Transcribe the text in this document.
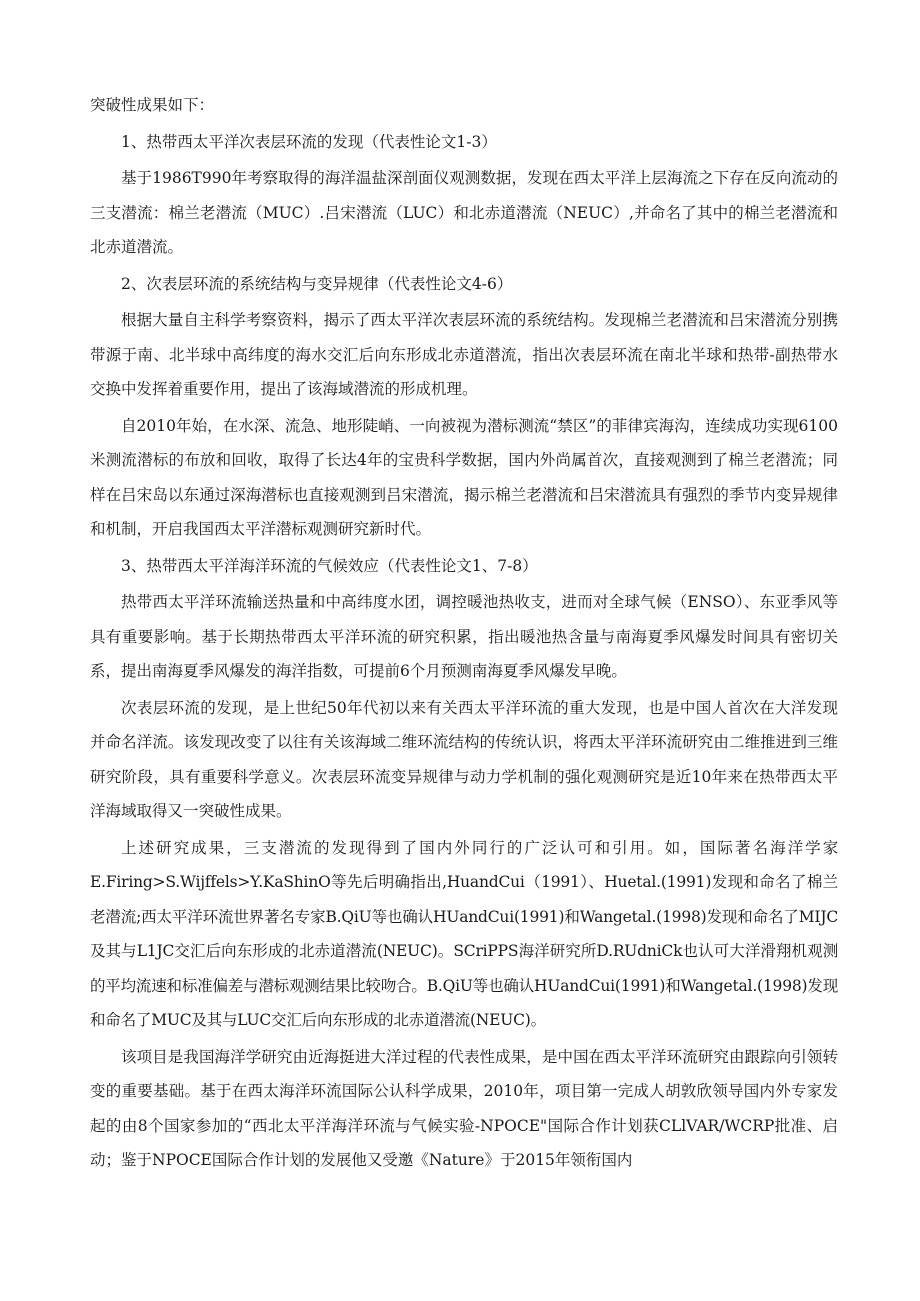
突破性成果如下：

1、热带西太平洋次表层环流的发现（代表性论文1-3）

基于1986T990年考察取得的海洋温盐深剖面仪观测数据，发现在西太平洋上层海流之下存在反向流动的三支潜流：棉兰老潜流（MUC）.吕宋潜流（LUC）和北赤道潜流（NEUC）,并命名了其中的棉兰老潜流和北赤道潜流。

2、次表层环流的系统结构与变异规律（代表性论文4-6）

根据大量自主科学考察资料，揭示了西太平洋次表层环流的系统结构。发现棉兰老潜流和吕宋潜流分别携带源于南、北半球中高纬度的海水交汇后向东形成北赤道潜流，指出次表层环流在南北半球和热带-副热带水交换中发挥着重要作用，提出了该海域潜流的形成机理。

自2010年始，在水深、流急、地形陡峭、一向被视为潜标测流“禁区”的菲律宾海沟，连续成功实现6100米测流潜标的布放和回收，取得了长达4年的宝贵科学数据，国内外尚属首次，直接观测到了棉兰老潜流；同样在吕宋岛以东通过深海潜标也直接观测到吕宋潜流，揭示棉兰老潜流和吕宋潜流具有强烈的季节内变异规律和机制，开启我国西太平洋潜标观测研究新时代。

3、热带西太平洋海洋环流的气候效应（代表性论文1、7-8）

热带西太平洋环流输送热量和中高纬度水团，调控暖池热收支，进而对全球气候（ENSO）、东亚季风等具有重要影响。基于长期热带西太平洋环流的研究积累，指出暖池热含量与南海夏季风爆发时间具有密切关系，提出南海夏季风爆发的海洋指数，可提前6个月预测南海夏季风爆发早晚。

次表层环流的发现，是上世纪50年代初以来有关西太平洋环流的重大发现，也是中国人首次在大洋发现并命名洋流。该发现改变了以往有关该海域二维环流结构的传统认识，将西太平洋环流研究由二维推进到三维研究阶段，具有重要科学意义。次表层环流变异规律与动力学机制的强化观测研究是近10年来在热带西太平洋海域取得又一突破性成果。

上述研究成果，三支潜流的发现得到了国内外同行的广泛认可和引用。如，国际著名海洋学家E.Firing>S.Wijffels>Y.KaShinO等先后明确指出,HuandCui（1991）、Huetal.(1991)发现和命名了棉兰老潜流;西太平洋环流世界著名专家B.QiU等也确认HUandCui(1991)和Wangetal.(1998)发现和命名了MIJC及其与L1JC交汇后向东形成的北赤道潜流(NEUC)。SCriPPS海洋研究所D.RUdniCk也认可大洋滑翔机观测的平均流速和标准偏差与潜标观测结果比较吻合。B.QiU等也确认HUandCui(1991)和Wangetal.(1998)发现和命名了MUC及其与LUC交汇后向东形成的北赤道潜流(NEUC)。

该项目是我国海洋学研究由近海挺进大洋过程的代表性成果，是中国在西太平洋环流研究由跟踪向引领转变的重要基础。基于在西太海洋环流国际公认科学成果，2010年，项目第一完成人胡敦欣领导国内外专家发起的由8个国家参加的“西北太平洋海洋环流与气候实验-NPOCE"国际合作计划获CLlVAR/WCRP批准、启动；鉴于NPOCE国际合作计划的发展他又受邀《Nature》于2015年领衔国内
